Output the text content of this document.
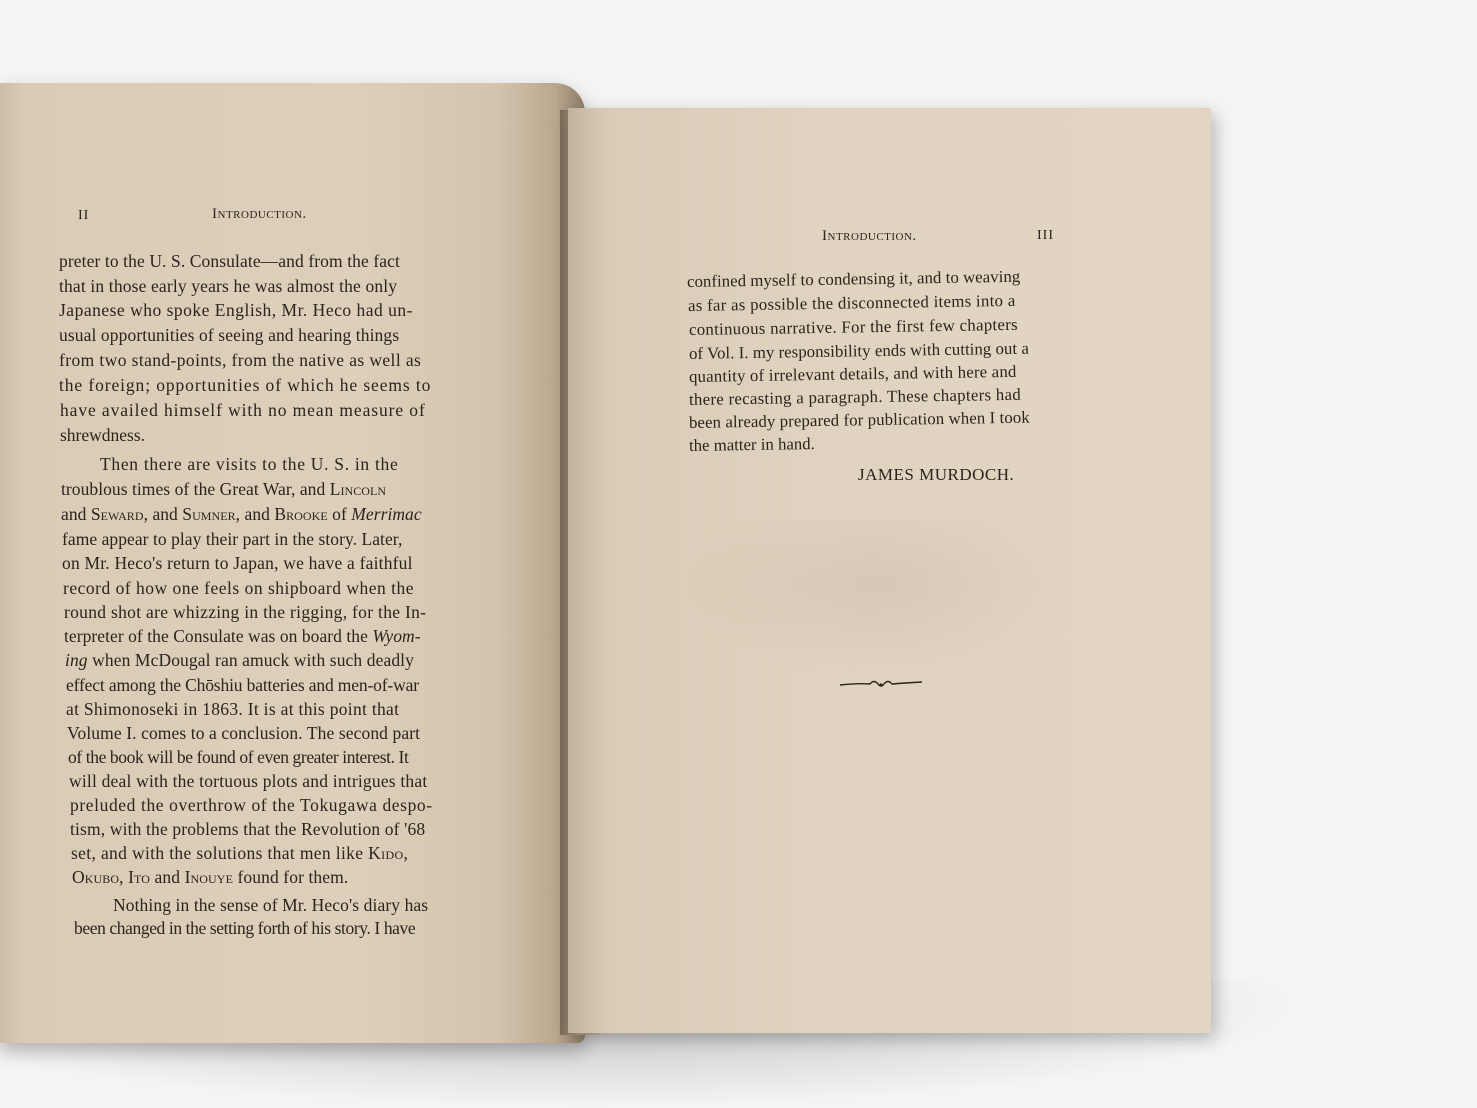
II	Introduction.
preter to the U. S. Consulate—and from the fact
that in those early years he was almost the only
Japanese who spoke English, Mr. Heco had un-
usual opportunities of seeing and hearing things
from two stand-points, from the native as well as
the foreign; opportunities of which he seems to
have availed himself with no mean measure of
shrewdness.
Then there are visits to the U. S. in the
troublous times of the Great War, and Lincoln
and Seward, and Sumner, and Brooke of Merrimac
fame appear to play their part in the story. Later,
on Mr. Heco's return to Japan, we have a faithful
record of how one feels on shipboard when the
round shot are whizzing in the rigging, for the In-
terpreter of the Consulate was on board the Wyom-
ing when McDougal ran amuck with such deadly
effect among the Chōshiu batteries and men-of-war
at Shimonoseki in 1863. It is at this point that
Volume I. comes to a conclusion. The second part
of the book will be found of even greater interest. It
will deal with the tortuous plots and intrigues that
preluded the overthrow of the Tokugawa despo-
tism, with the problems that the Revolution of '68
set, and with the solutions that men like Kido,
Okubo, Ito and Inouye found for them.
Nothing in the sense of Mr. Heco's diary has
been changed in the setting forth of his story. I have
Introduction.	III
confined myself to condensing it, and to weaving
as far as possible the disconnected items into a
continuous narrative. For the first few chapters
of Vol. I. my responsibility ends with cutting out a
quantity of irrelevant details, and with here and
there recasting a paragraph. These chapters had
been already prepared for publication when I took
the matter in hand.
JAMES MURDOCH.
